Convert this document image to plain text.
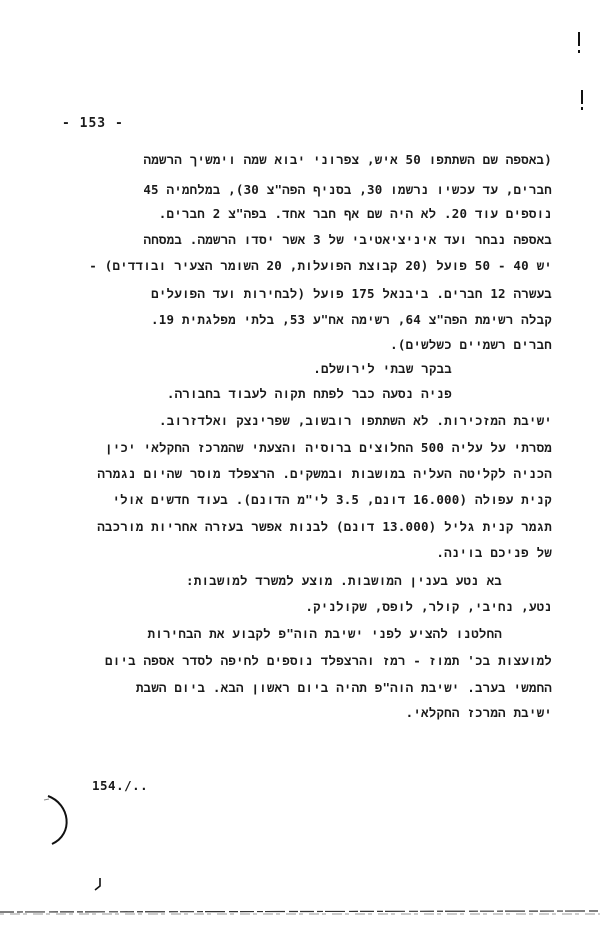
- 153 -
(באספה שם השתתפו 50 איש, צפרוני יבוא שמה וימשיך הרשמה
חברים, עד עכשיו נרשמו 30, בסניף הפה"צ 30), במלחמיה 45
נוספים עוד 20. לא היה שם אף חבר אחד. בפה"צ 2 חברים.
באספה נבחר ועד איניציאטיבי של 3 אשר יסדו הרשמה. במסחה
יש 40 - 50 פועל (20 קבוצת הפועלות, 20 השומר הצעיר ובודדים) -
בעשרה 12 חברים. ביבנאל 175 פועל (לבחירות ועד הפועלים
קבלה רשימת הפה"צ 64, רשימה אח"ע 53, בלתי מפלגתית 19.
חברים רשמיים כשלשים).
בבקר שבתי לירושלם.
פניה נסעה כבר לפתח תקוה לעבוד בחבורה.
ישיבת המזכירות. לא השתתפו רובשוב, שפרינצק ואלדזרוב.
מסרתי על עליה 500 החלוצים ברוסיה והצעתי שהמרכז החקלאי יכין
הכניה לקליטה העליה במושבות ובמשקים. הרצפלד מוסר שהיום נגמרה
קנית עפולה (16.000 דונם, 3.5 לי"מ הדונם). בעוד חדשים אולי
תגמר קנית גליל (13.000 דונם) לבנות אפשר בעזרה אחריות מורכבה
של פניכם בוינה.
בא נטע בענין המושבות. מוצע למשרד למושבות:
נטע, נחיבי, קולר, לופס, שקולניק.
החלטנו להציע לפני ישיבת הוה"פ לקבוע את הבחירות
למועצות בכ' תמוז - רמז והרצפלד נוספים לחיפה לסדר אספה ביום
החמשי בערב. ישיבת הוה"פ תהיה ביום ראשון הבא. ביום השבת
ישיבת המרכז החקלאי.
154./..
